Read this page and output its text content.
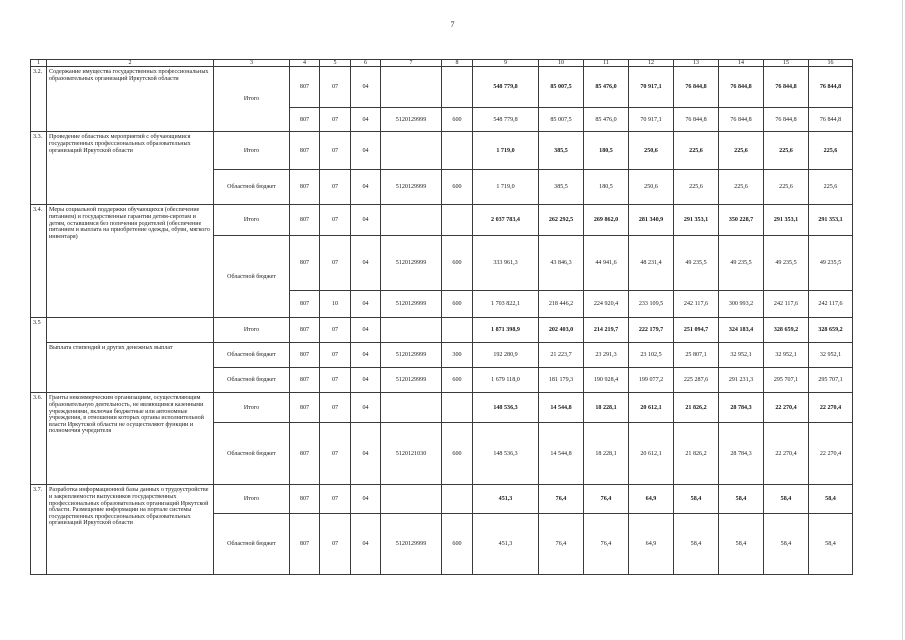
7
1	2	3	4	5	6	7	8	9	10	11	12	13	14	15	16
3.2.	Содержание имущества государственных профессиональных образовательных организаций Иркутской области	Итого	807	07	04			548 779,8	85 007,5	85 476,0	70 917,1	76 844,8	76 844,8	76 844,8	76 844,8
			807	07	04	5120129999	600	548 779,8	85 007,5	85 476,0	70 917,1	76 844,8	76 844,8	76 844,8	76 844,8
3.3.	Проведение областных мероприятий с обучающимися государственных профессиональных образовательных организаций Иркутской области	Итого	807	07	04			1 719,0	385,5	180,5	250,6	225,6	225,6	225,6	225,6
		Областной бюджет	807	07	04	5120129999	600	1 719,0	385,5	180,5	250,6	225,6	225,6	225,6	225,6
3.4.	Меры социальной поддержки обучающихся (обеспечение питанием) и государственные гарантии детям-сиротам и детям, оставшимся без попечения родителей (обеспечение питанием и выплата на приобретение одежды, обуви, мягкого инвентаря)	Итого	807	07	04			2 037 783,4	262 292,5	269 862,0	281 340,9	291 353,1	350 228,7	291 353,1	291 353,1
		Областной бюджет	807	07	04	5120129999	600	333 961,3	43 846,3	44 941,6	48 231,4	49 235,5	49 235,5	49 235,5	49 235,5
			807	10	04	5120129999	600	1 703 822,1	218 446,2	224 920,4	233 109,5	242 117,6	300 993,2	242 117,6	242 117,6
3.5		Итого	807	07	04			1 871 398,9	202 403,0	214 219,7	222 179,7	251 094,7	324 183,4	328 659,2	328 659,2
	Выплата стипендий и других денежных выплат	Областной бюджет	807	07	04	5120129999	300	192 280,9	21 223,7	23 291,3	23 102,5	25 807,1	32 952,1	32 952,1	32 952,1
		Областной бюджет	807	07	04	5120129999	600	1 679 118,0	181 179,3	190 928,4	199 077,2	225 287,6	291 231,3	295 707,1	295 707,1
3.6.	Гранты некоммерческим организациям, осуществляющим образовательную деятельность, не являющимся казенными учреждениями, включая бюджетные или автономные учреждения, в отношении которых органы исполнительной власти Иркутской области не осуществляют функции и полномочия учредителя	Итого	807	07	04			148 536,3	14 544,8	18 228,1	20 612,1	21 826,2	28 784,3	22 270,4	22 270,4
		Областной бюджет	807	07	04	5120121030	600	148 536,3	14 544,8	18 228,1	20 612,1	21 826,2	28 784,3	22 270,4	22 270,4
3.7.	Разработка информационной базы данных о трудоустройстве и закрепляемости выпускников государственных профессиональных образовательных организаций Иркутской области. Размещение информации на портале системы государственных профессиональных образовательных организаций Иркутской области	Итого	807	07	04			451,3	76,4	76,4	64,9	58,4	58,4	58,4	58,4
		Областной бюджет	807	07	04	5120129999	600	451,3	76,4	76,4	64,9	58,4	58,4	58,4	58,4
